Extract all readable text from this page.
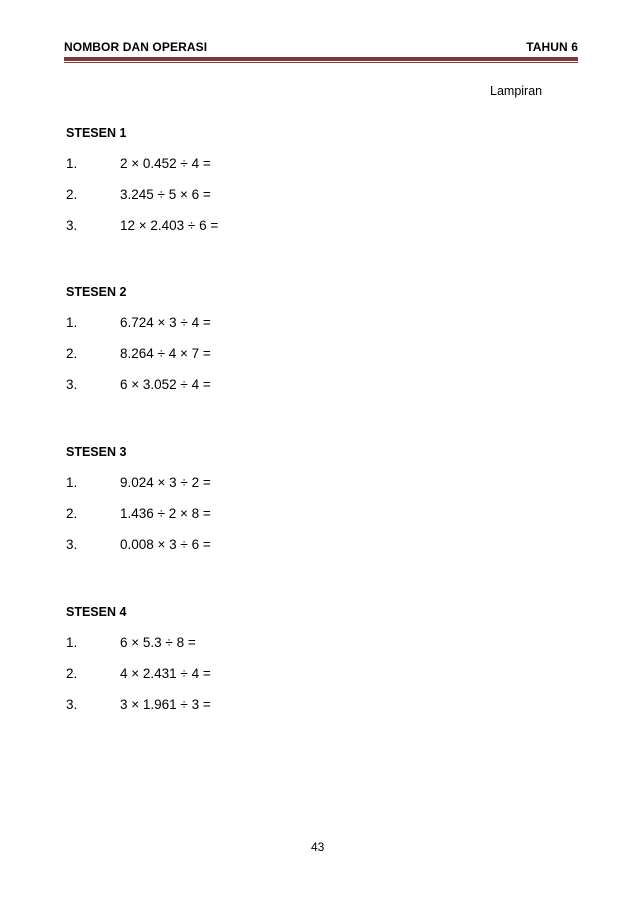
NOMBOR DAN OPERASI	TAHUN 6
Lampiran
STESEN 1
1.	2 × 0.452 ÷ 4 =
2.	3.245 ÷ 5 × 6 =
3.	12 × 2.403 ÷ 6 =
STESEN 2
1.	6.724 × 3 ÷ 4 =
2.	8.264 ÷ 4 × 7 =
3.	6 × 3.052 ÷ 4 =
STESEN 3
1.	9.024 × 3 ÷ 2 =
2.	1.436 ÷ 2 × 8 =
3.	0.008 × 3 ÷ 6 =
STESEN 4
1.	6 × 5.3 ÷ 8 =
2.	4 × 2.431 ÷ 4 =
3.	3 × 1.961 ÷ 3 =
43
